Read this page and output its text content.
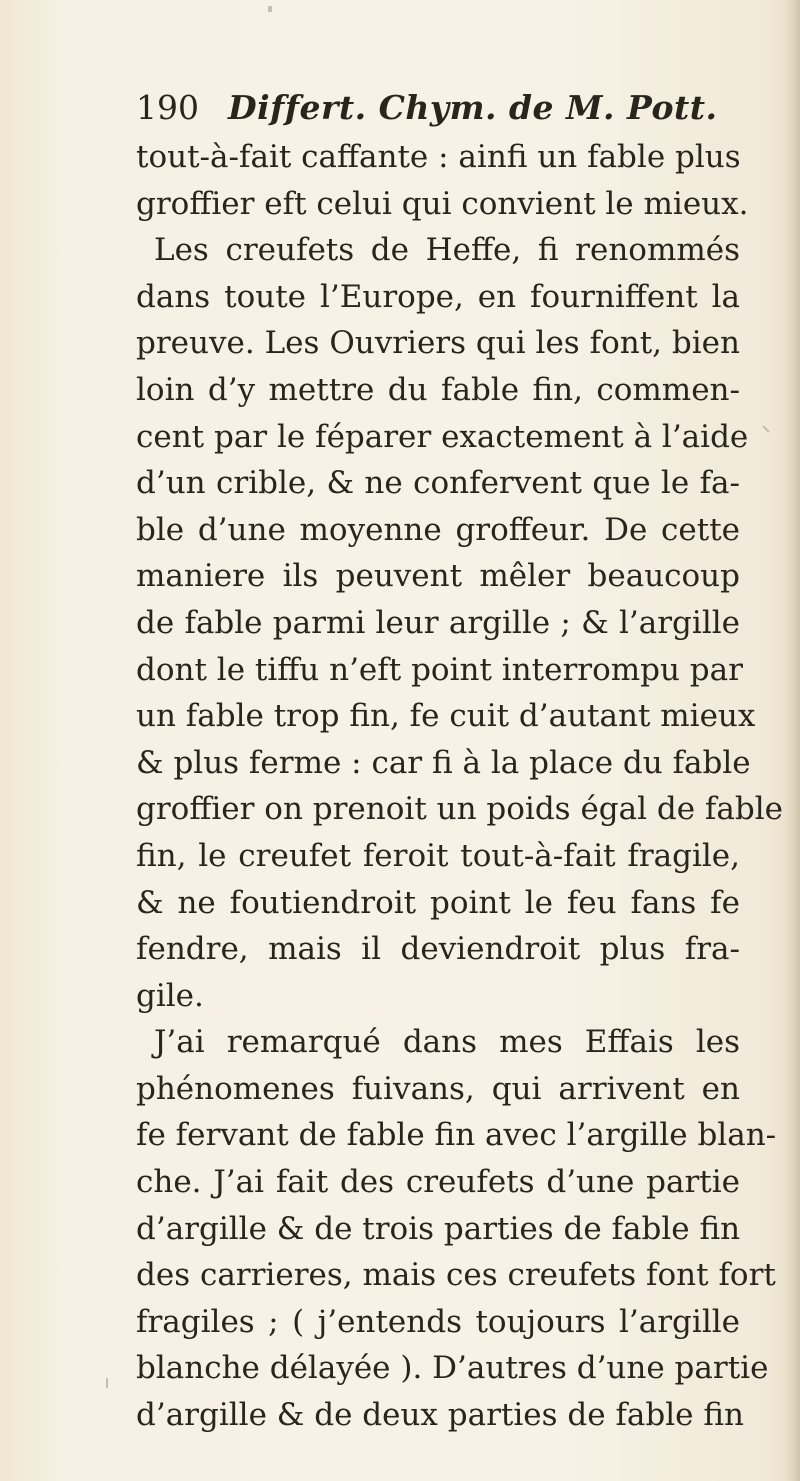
190 Differt. Chym. de M. Pott.
tout-à-fait caffante : ainfi un fable plus
groffier eft celui qui convient le mieux.
Les creufets de Heffe, fi renommés
dans toute l’Europe, en fourniffent la
preuve. Les Ouvriers qui les font, bien
loin d’y mettre du fable fin, commen-
cent par le féparer exactement à l’aide
d’un crible, & ne confervent que le fa-
ble d’une moyenne groffeur. De cette
maniere ils peuvent mêler beaucoup
de fable parmi leur argille ; & l’argille
dont le tiffu n’eft point interrompu par
un fable trop fin, fe cuit d’autant mieux
& plus ferme : car fi à la place du fable
groffier on prenoit un poids égal de fable
fin, le creufet feroit tout-à-fait fragile,
& ne foutiendroit point le feu fans fe
fendre, mais il deviendroit plus fra-
gile.
J’ai remarqué dans mes Effais les
phénomenes fuivans, qui arrivent en
fe fervant de fable fin avec l’argille blan-
che. J’ai fait des creufets d’une partie
d’argille & de trois parties de fable fin
des carrieres, mais ces creufets font fort
fragiles ; ( j’entends toujours l’argille
blanche délayée ). D’autres d’une partie
d’argille & de deux parties de fable fin
